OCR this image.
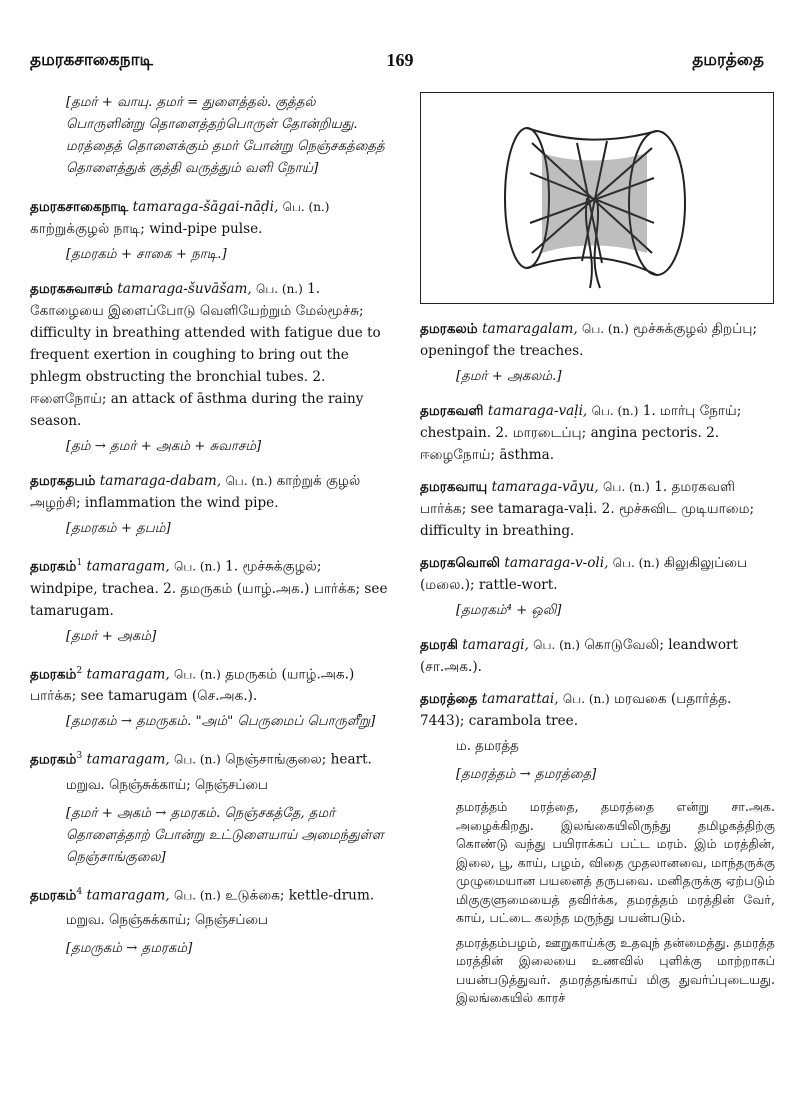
தமரகசாகைநாடி	169	தமரத்தை
[தமர் + வாயு. தமர் = துளைத்தல். குத்தல் பொருளின்று தொளைத்தற்பொருள் தோன்றியது. மரத்தைத் தொளைக்கும் தமர் போன்று நெஞ்சகத்தைத் தொளைத்துக் குத்தி வருத்தும் வளி நோய்]
தமரகசாகைநாடி tamaraga-šāgai-nāḍi, பெ. (n.) காற்றுக்குழல் நாடி; wind-pipe pulse.
[தமரகம் + சாகை + நாடி.]
தமரகசுவாசம் tamaraga-šuvāšam, பெ. (n.) 1. கோழையை இளைப்போடு வெளியேற்றும் மேல்மூச்சு; difficulty in breathing attended with fatigue due to frequent exertion in coughing to bring out the phlegm obstructing the bronchial tubes. 2. ஈளைநோய்; an attack of āsthma during the rainy season.
[தம் → தமர் + அகம் + சுவாசம்]
தமரகதபம் tamaraga-dabam, பெ. (n.) காற்றுக் குழல் அழற்சி; inflammation the wind pipe.
[தமரகம் + தபம்]
தமரகம்$^1$ tamaragam, பெ. (n.) 1. மூச்சுக்குழல்; windpipe, trachea. 2. தமருகம் (யாழ்.அக.) பார்க்க; see tamarugam.
[தமர் + அகம்]
தமரகம்$^2$ tamaragam, பெ. (n.) தமருகம் (யாழ்.அக.) பார்க்க; see tamarugam (செ.அக.).
[தமரகம் → தமருகம். "அம்" பெருமைப் பொருளீறு]
தமரகம்$^3$ tamaragam, பெ. (n.) நெஞ்சாங்குலை; heart.
மறுவ. நெஞ்சுக்காய்; நெஞ்சப்பை
[தமர் + அகம் → தமரகம். நெஞ்சகத்தே, தமர் தொளைத்தாற் போன்று உட்டுளையாய் அமைந்துள்ள நெஞ்சாங்குலை]
தமரகம்$^4$ tamaragam, பெ. (n.) உடுக்கை; kettle-drum.
மறுவ. நெஞ்சுக்காய்; நெஞ்சப்பை
[தமருகம் → தமரகம்]
தமரகலம் tamaragalam, பெ. (n.) மூச்சுக்குழல் திறப்பு; openingof the treaches.
[தமர் + அகலம்.]
தமரகவளி tamaraga-vaḷi, பெ. (n.) 1. மார்பு நோய்; chestpain. 2. மாரடைப்பு; angina pectoris. 2. ஈழைநோய்; āsthma.
தமரகவாயு tamaraga-vāyu, பெ. (n.) 1. தமரகவளி பார்க்க; see tamaraga-vaḷi. 2. மூச்சுவிட முடியாமை; difficulty in breathing.
தமரகவொலி tamaraga-v-oli, பெ. (n.) கிலுகிலுப்பை (மலை.); rattle-wort.
[தமரகம்⁴ + ஒலி]
தமரகி tamaragi, பெ. (n.) கொடுவேலி; leandwort (சா.அக.).
தமரத்தை tamarattai, பெ. (n.) மரவகை (பதார்த்த. 7443); carambola tree.
ம. தமரத்த
[தமரத்தம் → தமரத்தை]
தமரத்தம் மரத்தை, தமரத்தை என்று சா.அக. அழைக்கிறது. இலங்கையிலிருந்து தமிழகத்திற்கு கொண்டு வந்து பயிராக்கப் பட்ட மரம். இம் மரத்தின், இலை, பூ, காய், பழம், விதை முதலானவை, மாந்தருக்கு முழுமையான பயனைத் தருபவை. மனிதருக்கு ஏற்படும் மிகுகுளுமையைத் தவிர்க்க, தமரத்தம் மரத்தின் வேர், காய், பட்டை கலந்த மருந்து பயன்படும்.
தமரத்தம்பழம், ஊறுகாய்க்கு உதவுந் தன்மைத்து. தமரத்த மரத்தின் இலையை உணவில் புளிக்கு மாற்றாகப் பயன்படுத்துவர். தமரத்தங்காய் மிகு துவர்ப்புடையது. இலங்கையில் காரச்
